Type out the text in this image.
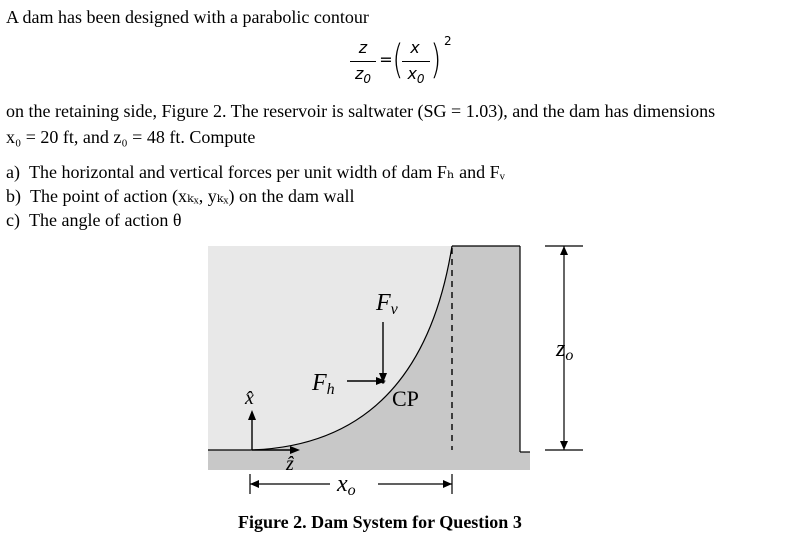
A dam has been designed with a parabolic contour
z
$z_0$
= ( x
$x_0$ ) 2
on the retaining side, Figure 2. The reservoir is saltwater (SG = 1.03), and the dam has dimensions
x₀ = 20 ft, and z₀ = 48 ft. Compute
a) The horizontal and vertical forces per unit width of dam Fₕ and Fᵥ
b) The point of action (xₖₓ, yₖₓ) on the dam wall
c) The angle of action θ
Fv
Fh	CP
x̂
ẑ
xo
zo
Figure 2. Dam System for Question 3
